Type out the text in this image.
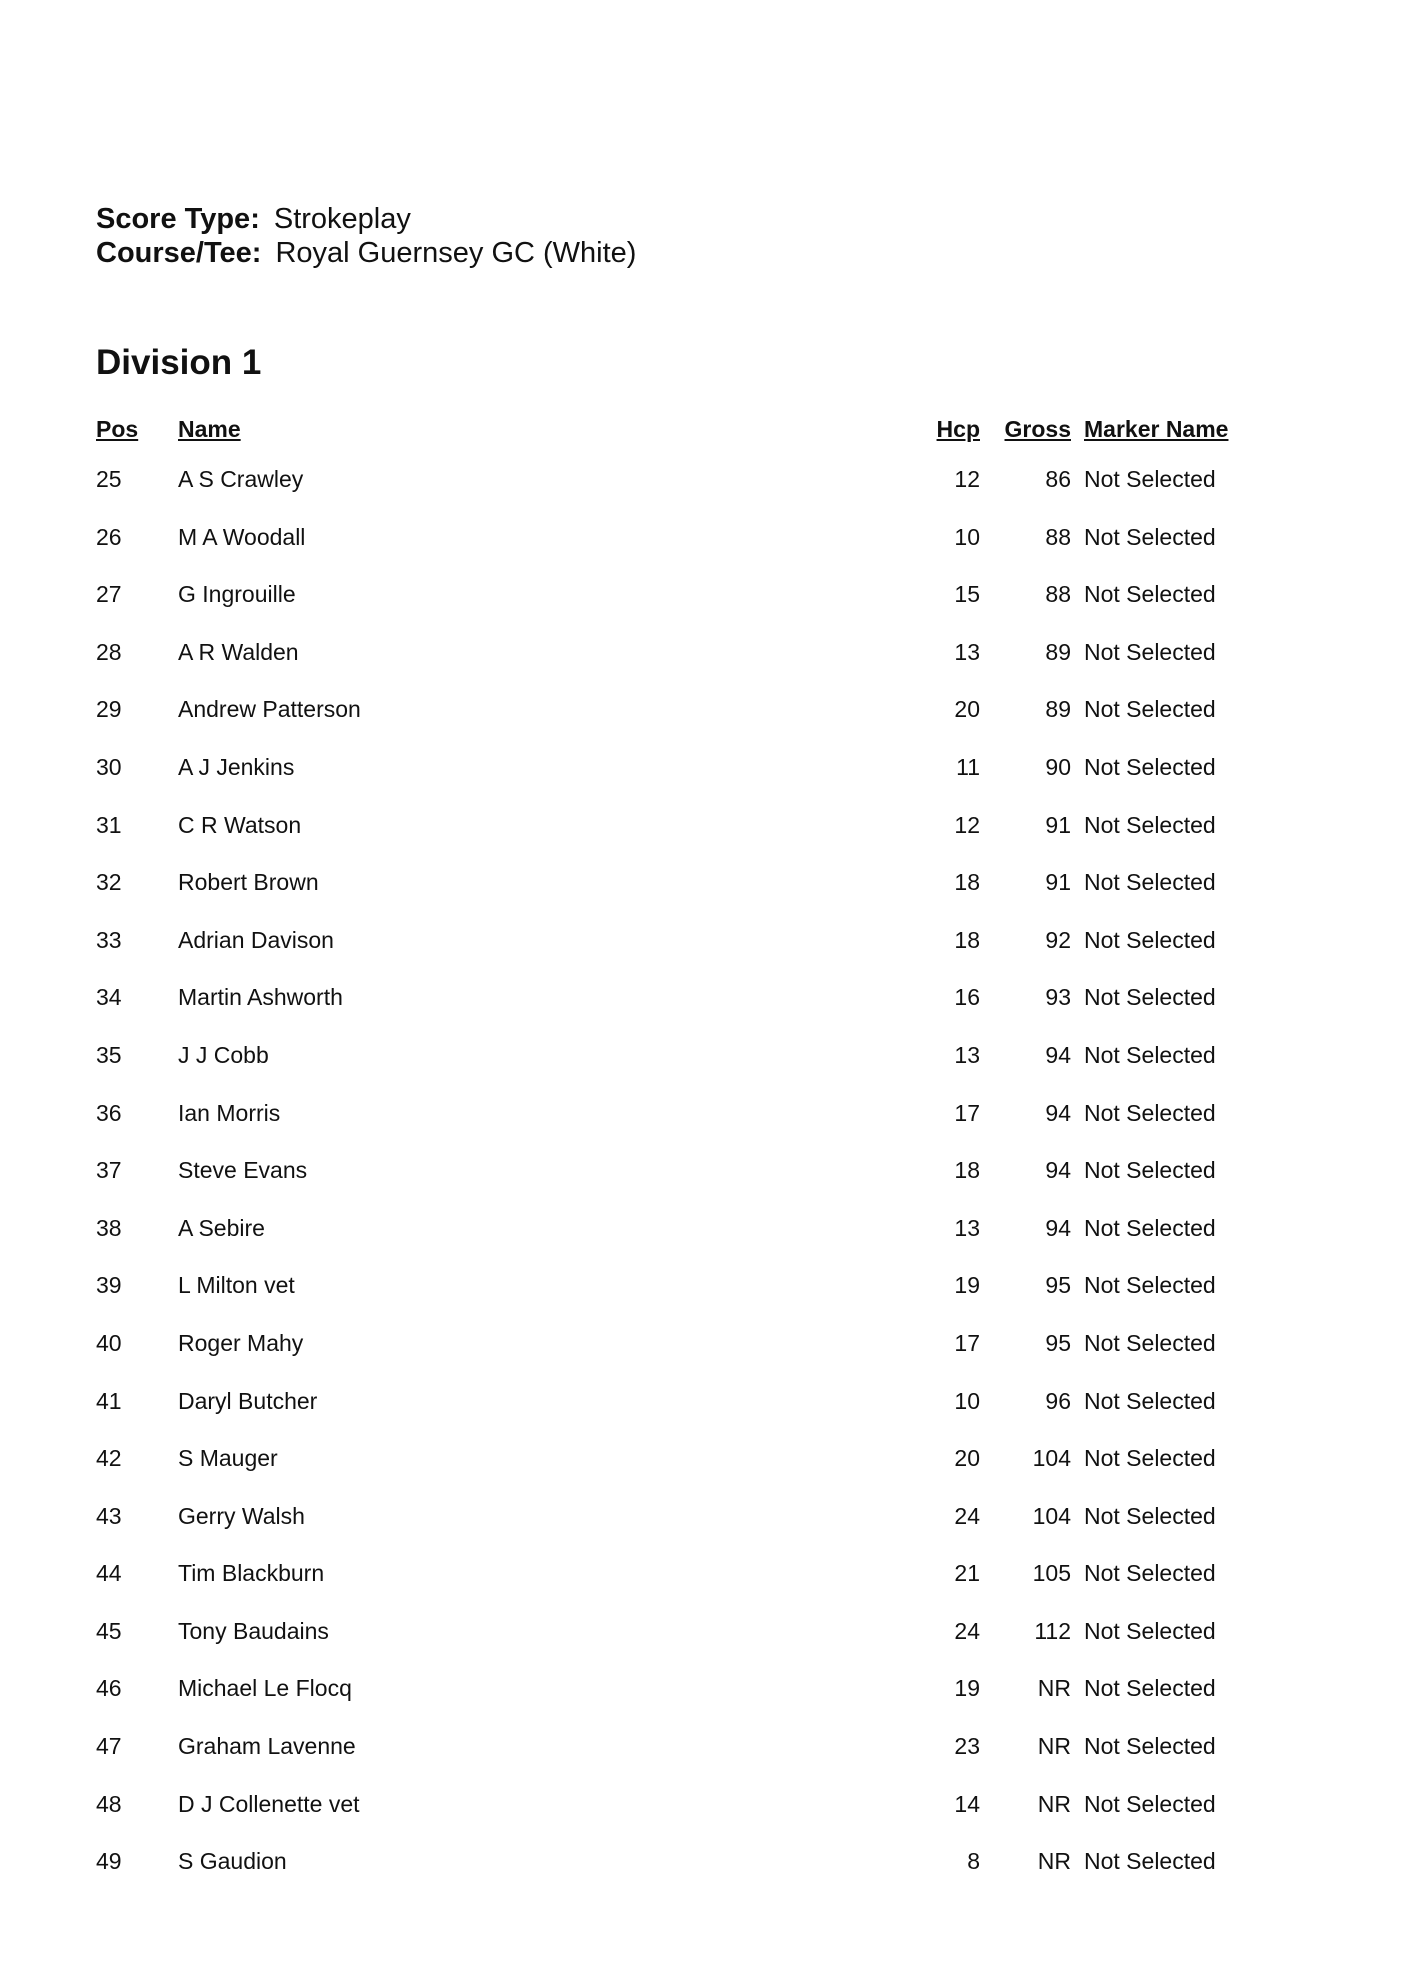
Score Type: Strokeplay
Course/Tee: Royal Guernsey GC (White)
Division 1
Pos Name	Hcp Gross Marker Name
25 A S Crawley	12	86 Not Selected
26 M A Woodall	10	88 Not Selected
27 G Ingrouille	15	88 Not Selected
28 A R Walden	13	89 Not Selected
29 Andrew Patterson	20	89 Not Selected
30 A J Jenkins	11	90 Not Selected
31 C R Watson	12	91 Not Selected
32 Robert Brown	18	91 Not Selected
33 Adrian Davison	18	92 Not Selected
34 Martin Ashworth	16	93 Not Selected
35 J J Cobb	13	94 Not Selected
36 Ian Morris	17	94 Not Selected
37 Steve Evans	18	94 Not Selected
38 A Sebire	13	94 Not Selected
39 L Milton vet	19	95 Not Selected
40 Roger Mahy	17	95 Not Selected
41 Daryl Butcher	10	96 Not Selected
42 S Mauger	20 104 Not Selected
43 Gerry Walsh	24 104 Not Selected
44 Tim Blackburn	21 105 Not Selected
45 Tony Baudains	24 112 Not Selected
46 Michael Le Flocq	19	NR Not Selected
47 Graham Lavenne	23	NR Not Selected
48 D J Collenette vet	14	NR Not Selected
49 S Gaudion	8	NR Not Selected
